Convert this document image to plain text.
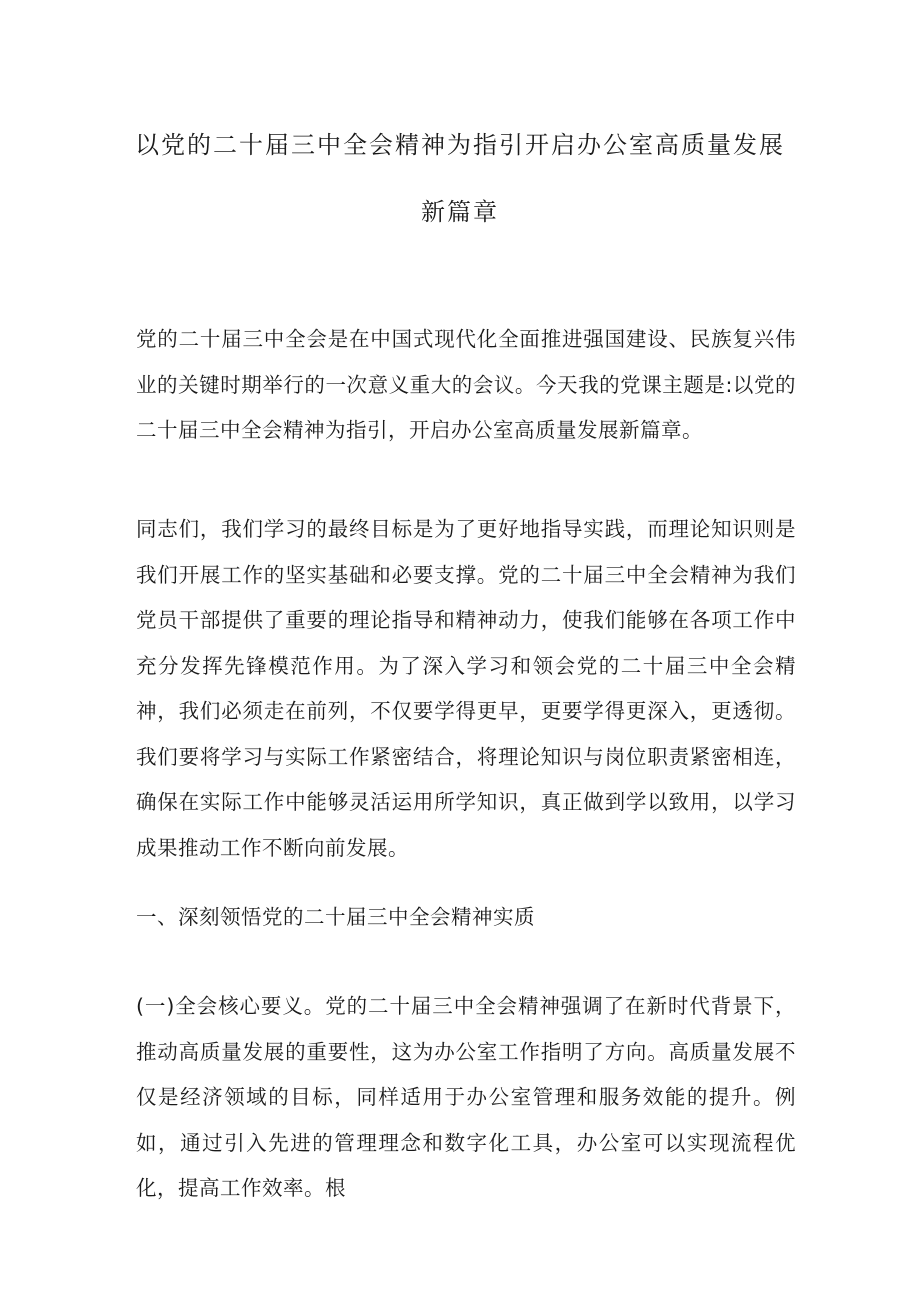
以党的二十届三中全会精神为指引开启办公室高质量发展
新篇章

党的二十届三中全会是在中国式现代化全面推进强国建设、民族复兴伟业的关键时期举行的一次意义重大的会议。今天我的党课主题是:以党的二十届三中全会精神为指引，开启办公室高质量发展新篇章。

同志们，我们学习的最终目标是为了更好地指导实践，而理论知识则是我们开展工作的坚实基础和必要支撑。党的二十届三中全会精神为我们党员干部提供了重要的理论指导和精神动力，使我们能够在各项工作中充分发挥先锋模范作用。为了深入学习和领会党的二十届三中全会精神，我们必须走在前列，不仅要学得更早，更要学得更深入，更透彻。我们要将学习与实际工作紧密结合，将理论知识与岗位职责紧密相连，确保在实际工作中能够灵活运用所学知识，真正做到学以致用，以学习成果推动工作不断向前发展。

一、深刻领悟党的二十届三中全会精神实质

(一)全会核心要义。党的二十届三中全会精神强调了在新时代背景下，推动高质量发展的重要性，这为办公室工作指明了方向。高质量发展不仅是经济领域的目标，同样适用于办公室管理和服务效能的提升。例如，通过引入先进的管理理念和数字化工具，办公室可以实现流程优化，提高工作效率。根
